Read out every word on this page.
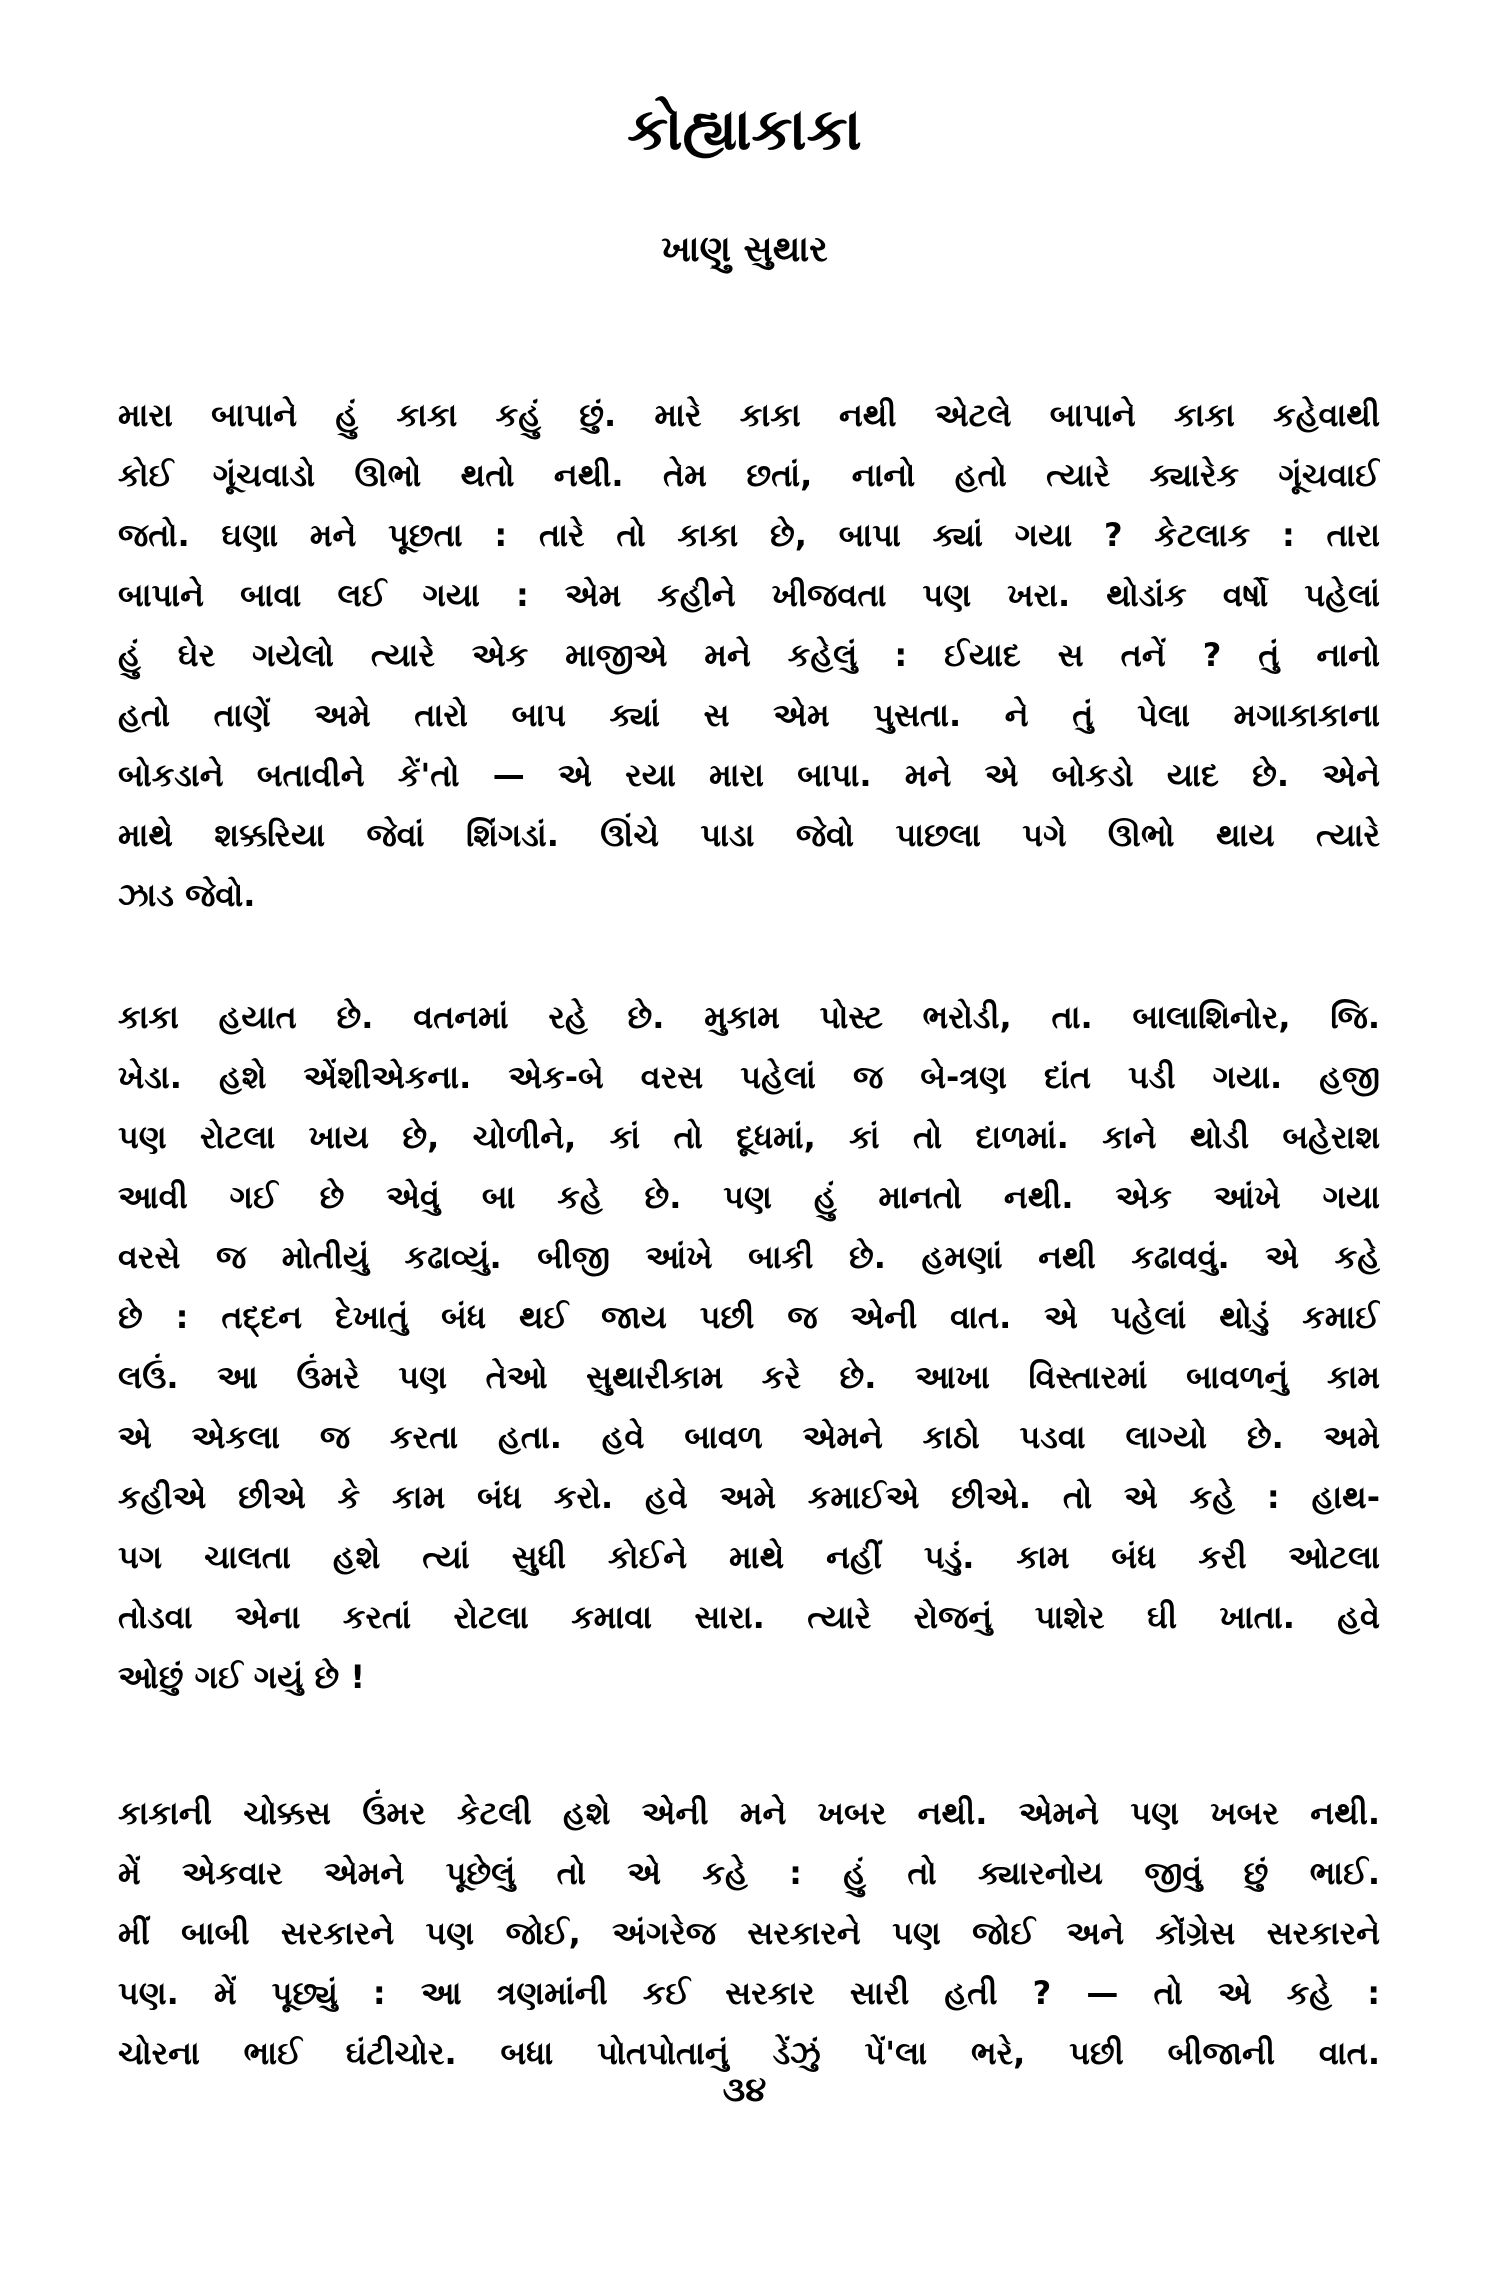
કોહ્યાકાકા
ખાણુ સુથાર

મારા બાપાને હું કાકા કહું છું. મારે કાકા નથી એટલે બાપાને કાકા કહેવાથી
કોઈ ગૂંચવાડો ઊભો થતો નથી. તેમ છતાં, નાનો હતો ત્યારે ક્યારેક ગૂંચવાઈ
જતો. ઘણા મને પૂછતા : તારે તો કાકા છે, બાપા ક્યાં ગયા ? કેટલાક : તારા
બાપાને બાવા લઈ ગયા : એમ કહીને ખીજવતા પણ ખરા. થોડાંક વર્ષો પહેલાં
હું ઘેર ગયેલો ત્યારે એક માજીએ મને કહેલું : ઈયાદ સ તનેં ? તું નાનો
હતો તાણેં અમે તારો બાપ ક્યાં સ એમ પુસતા. ને તું પેલા મગાકાકાના
બોકડાને બતાવીને કેં'તો — એ રયા મારા બાપા. મને એ બોકડો યાદ છે. એને
માથે શક્કરિયા જેવાં શિંગડાં. ઊંચે પાડા જેવો પાછલા પગે ઊભો થાય ત્યારે
ઝાડ જેવો.

કાકા હયાત છે. વતનમાં રહે છે. મુકામ પોસ્ટ ભરોડી, તા. બાલાશિનોર, જિ.
ખેડા. હશે એંશીએકના. એક-બે વરસ પહેલાં જ બે-ત્રણ દાંત પડી ગયા. હજી
પણ રોટલા ખાય છે, ચોળીને, કાં તો દૂધમાં, કાં તો દાળમાં. કાને થોડી બહેરાશ
આવી ગઈ છે એવું બા કહે છે. પણ હું માનતો નથી. એક આંખે ગયા
વરસે જ મોતીયું કઢાવ્યું. બીજી આંખે બાકી છે. હમણાં નથી કઢાવવું. એ કહે
છે : તદ્દન દેખાતું બંધ થઈ જાય પછી જ એની વાત. એ પહેલાં થોડું કમાઈ
લઉં. આ ઉંમરે પણ તેઓ સુથારીકામ કરે છે. આખા વિસ્તારમાં બાવળનું કામ
એ એકલા જ કરતા હતા. હવે બાવળ એમને કાઠો પડવા લાગ્યો છે. અમે
કહીએ છીએ કે કામ બંધ કરો. હવે અમે કમાઈએ છીએ. તો એ કહે : હાથ-
પગ ચાલતા હશે ત્યાં સુધી કોઈને માથે નહીં પડું. કામ બંધ કરી ઓટલા
તોડવા એના કરતાં રોટલા કમાવા સારા. ત્યારે રોજનું પાશેર ઘી ખાતા. હવે
ઓછું ગઈ ગયું છે !

કાકાની ચોક્કસ ઉંમર કેટલી હશે એની મને ખબર નથી. એમને પણ ખબર નથી.
મેં એકવાર એમને પૂછેલું તો એ કહે : હું તો ક્યારનોય જીવું છું ભાઈ.
મીં બાબી સરકારને પણ જોઈ, અંગરેજ સરકારને પણ જોઈ અને કોંગ્રેસ સરકારને
પણ. મેં પૂછ્યું : આ ત્રણમાંની કઈ સરકાર સારી હતી ? — તો એ કહે :
ચોરના ભાઈ ઘંટીચોર. બધા પોતપોતાનું ડેંઝું પેં'લા ભરે, પછી બીજાની વાત.

૩૪
